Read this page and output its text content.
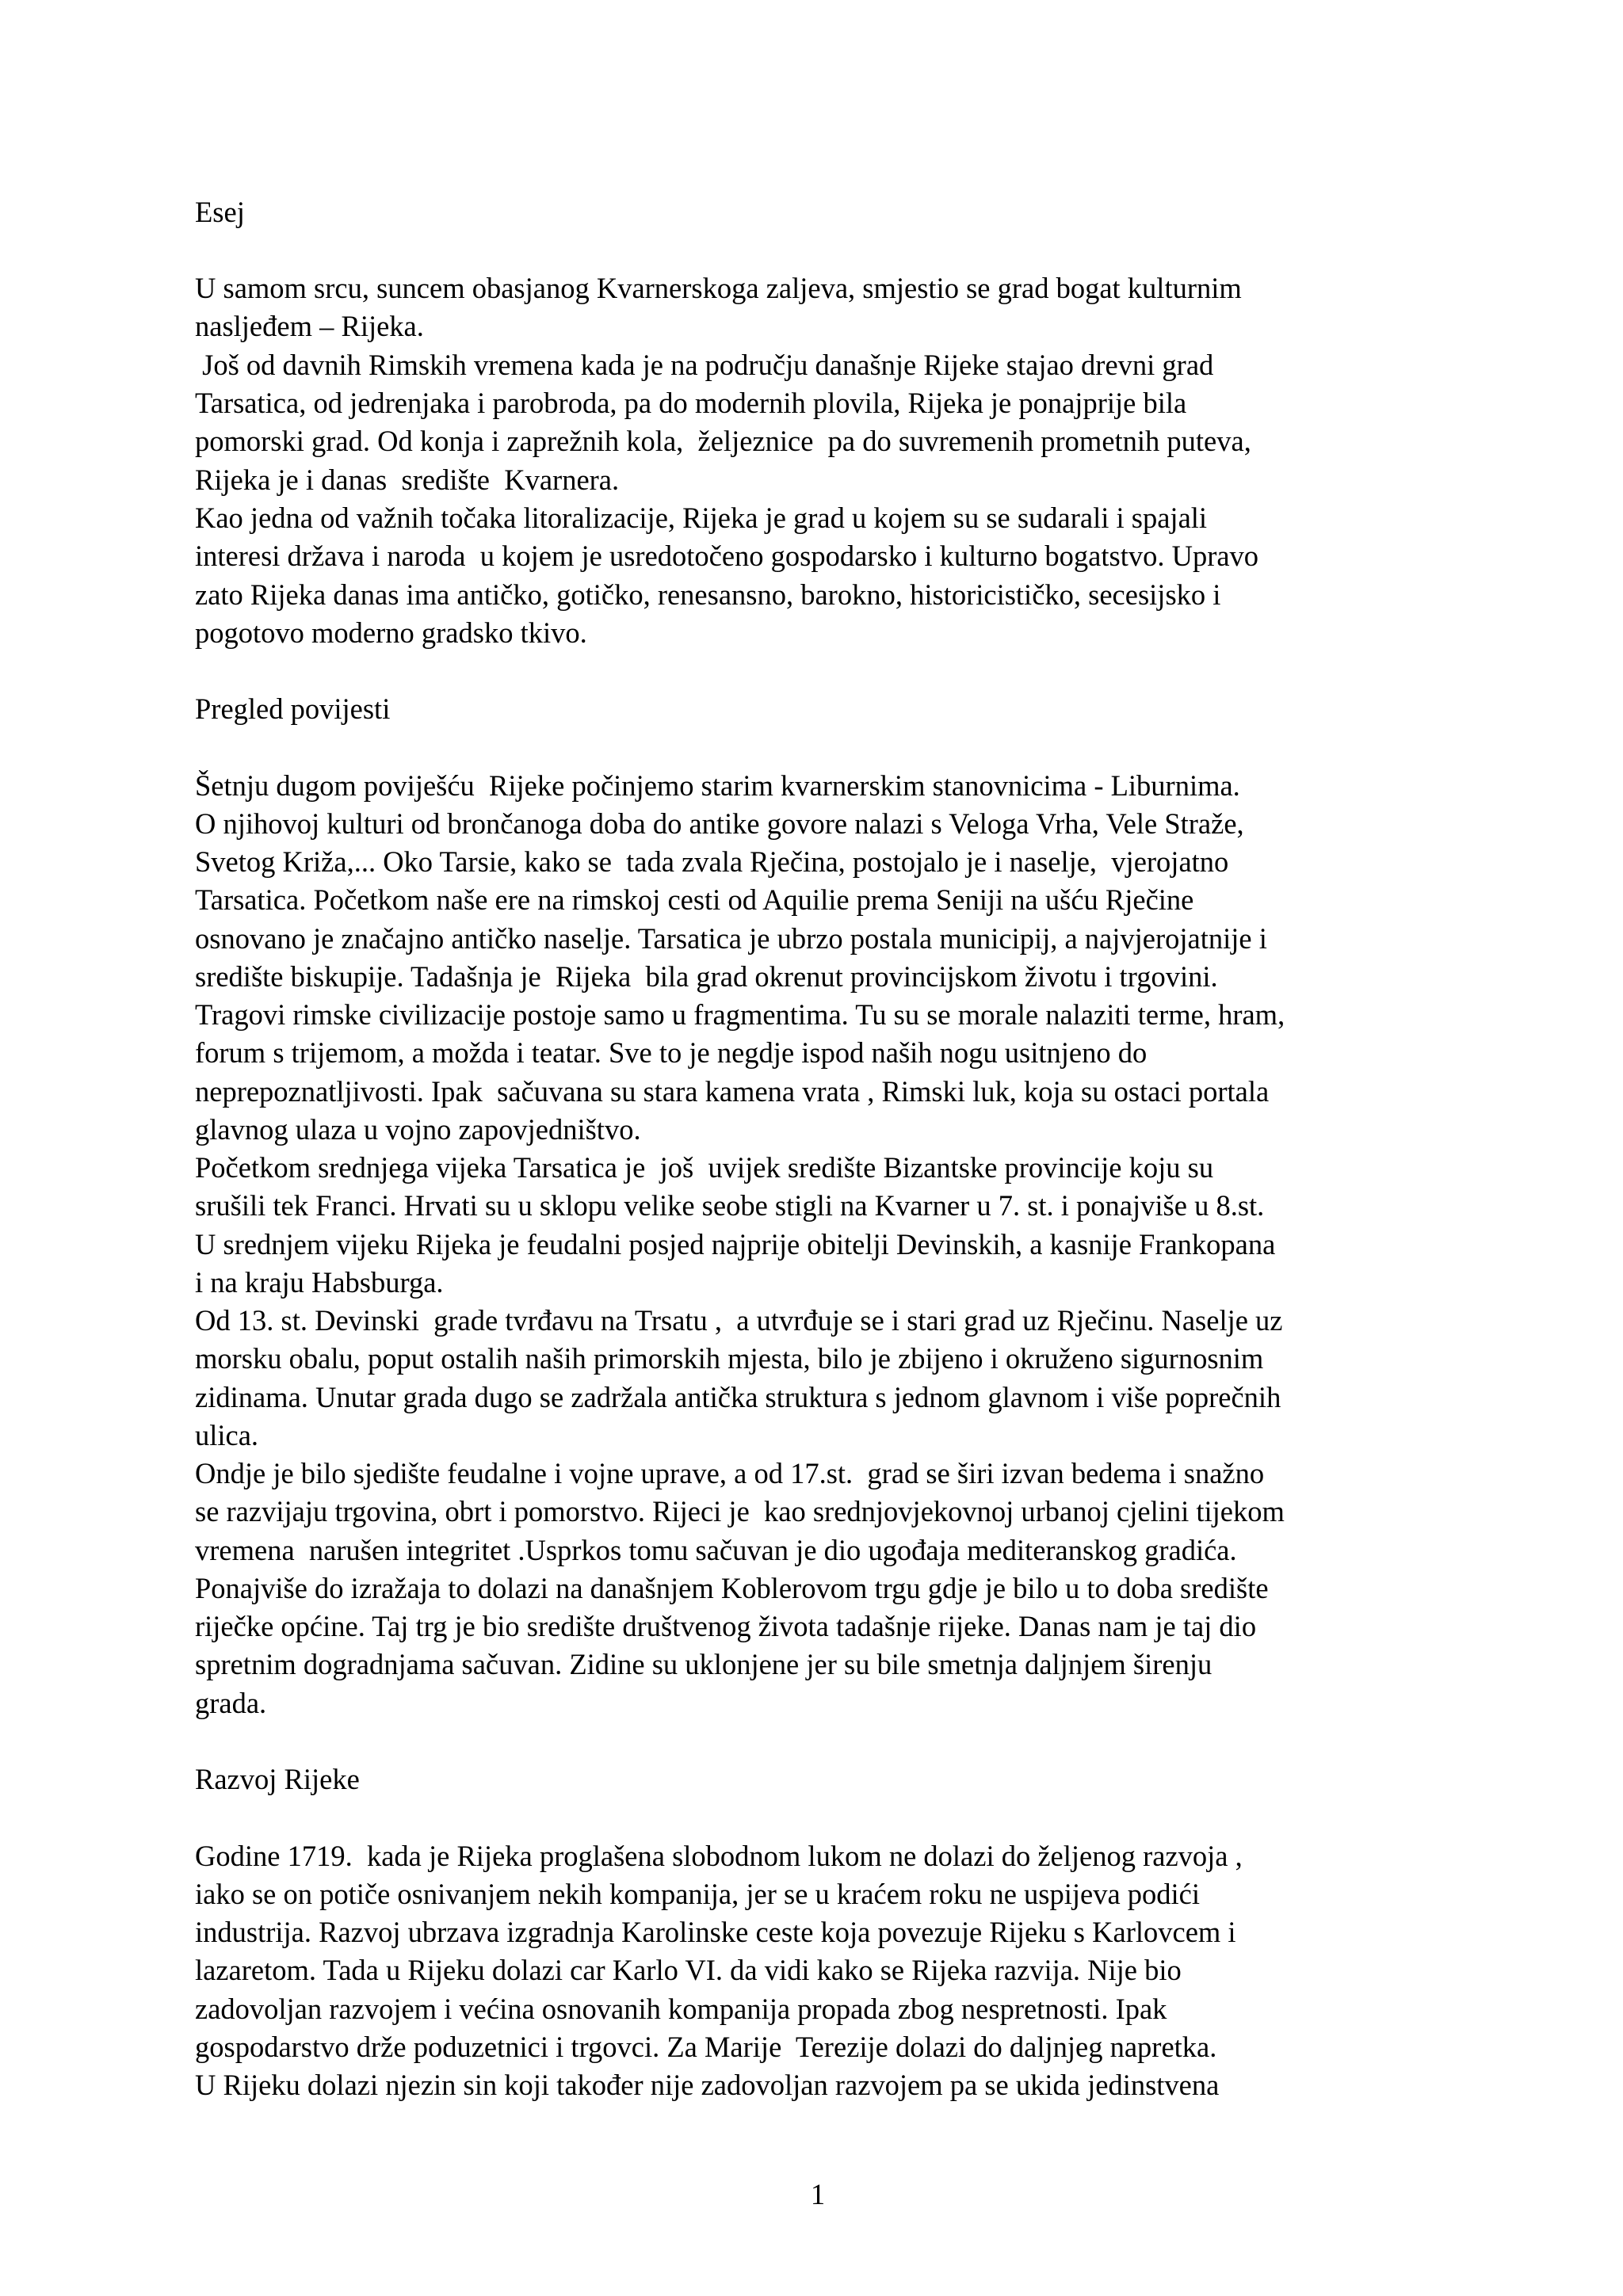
Esej

U samom srcu, suncem obasjanog Kvarnerskoga zaljeva, smjestio se grad bogat kulturnim

nasljeđem – Rijeka.

Još od davnih Rimskih vremena kada je na području današnje Rijeke stajao drevni grad

Tarsatica, od jedrenjaka i parobroda, pa do modernih plovila, Rijeka je ponajprije bila

pomorski grad. Od konja i zaprežnih kola,  željeznice  pa do suvremenih prometnih puteva,

Rijeka je i danas  središte  Kvarnera.

Kao jedna od važnih točaka litoralizacije, Rijeka je grad u kojem su se sudarali i spajali

interesi država i naroda  u kojem je usredotočeno gospodarsko i kulturno bogatstvo. Upravo

zato Rijeka danas ima antičko, gotičko, renesansno, barokno, historicističko, secesijsko i

pogotovo moderno gradsko tkivo.

Pregled povijesti

Šetnju dugom poviješću  Rijeke počinjemo starim kvarnerskim stanovnicima - Liburnima.

O njihovoj kulturi od brončanoga doba do antike govore nalazi s Veloga Vrha, Vele Straže,

Svetog Križa,... Oko Tarsie, kako se  tada zvala Rječina, postojalo je i naselje,  vjerojatno

Tarsatica. Početkom naše ere na rimskoj cesti od Aquilie prema Seniji na ušću Rječine

osnovano je značajno antičko naselje. Tarsatica je ubrzo postala municipij, a najvjerojatnije i

središte biskupije. Tadašnja je  Rijeka  bila grad okrenut provincijskom životu i trgovini.

Tragovi rimske civilizacije postoje samo u fragmentima. Tu su se morale nalaziti terme, hram,

forum s trijemom, a možda i teatar. Sve to je negdje ispod naših nogu usitnjeno do

neprepoznatljivosti. Ipak  sačuvana su stara kamena vrata , Rimski luk, koja su ostaci portala

glavnog ulaza u vojno zapovjedništvo.

Početkom srednjega vijeka Tarsatica je  još  uvijek središte Bizantske provincije koju su

srušili tek Franci. Hrvati su u sklopu velike seobe stigli na Kvarner u 7. st. i ponajviše u 8.st.

U srednjem vijeku Rijeka je feudalni posjed najprije obitelji Devinskih, a kasnije Frankopana

i na kraju Habsburga.

Od 13. st. Devinski  grade tvrđavu na Trsatu ,  a utvrđuje se i stari grad uz Rječinu. Naselje uz

morsku obalu, poput ostalih naših primorskih mjesta, bilo je zbijeno i okruženo sigurnosnim

zidinama. Unutar grada dugo se zadržala antička struktura s jednom glavnom i više poprečnih

ulica.

Ondje je bilo sjedište feudalne i vojne uprave, a od 17.st.  grad se širi izvan bedema i snažno

se razvijaju trgovina, obrt i pomorstvo. Rijeci je  kao srednjovjekovnoj urbanoj cjelini tijekom

vremena  narušen integritet .Usprkos tomu sačuvan je dio ugođaja mediteranskog gradića.

Ponajviše do izražaja to dolazi na današnjem Koblerovom trgu gdje je bilo u to doba središte

riječke općine. Taj trg je bio središte društvenog života tadašnje rijeke. Danas nam je taj dio

spretnim dogradnjama sačuvan. Zidine su uklonjene jer su bile smetnja daljnjem širenju

grada.

Razvoj Rijeke

Godine 1719.  kada je Rijeka proglašena slobodnom lukom ne dolazi do željenog razvoja ,

iako se on potiče osnivanjem nekih kompanija, jer se u kraćem roku ne uspijeva podići

industrija. Razvoj ubrzava izgradnja Karolinske ceste koja povezuje Rijeku s Karlovcem i

lazaretom. Tada u Rijeku dolazi car Karlo VI. da vidi kako se Rijeka razvija. Nije bio

zadovoljan razvojem i većina osnovanih kompanija propada zbog nespretnosti. Ipak

gospodarstvo drže poduzetnici i trgovci. Za Marije  Terezije dolazi do daljnjeg napretka.

U Rijeku dolazi njezin sin koji također nije zadovoljan razvojem pa se ukida jedinstvena

1
